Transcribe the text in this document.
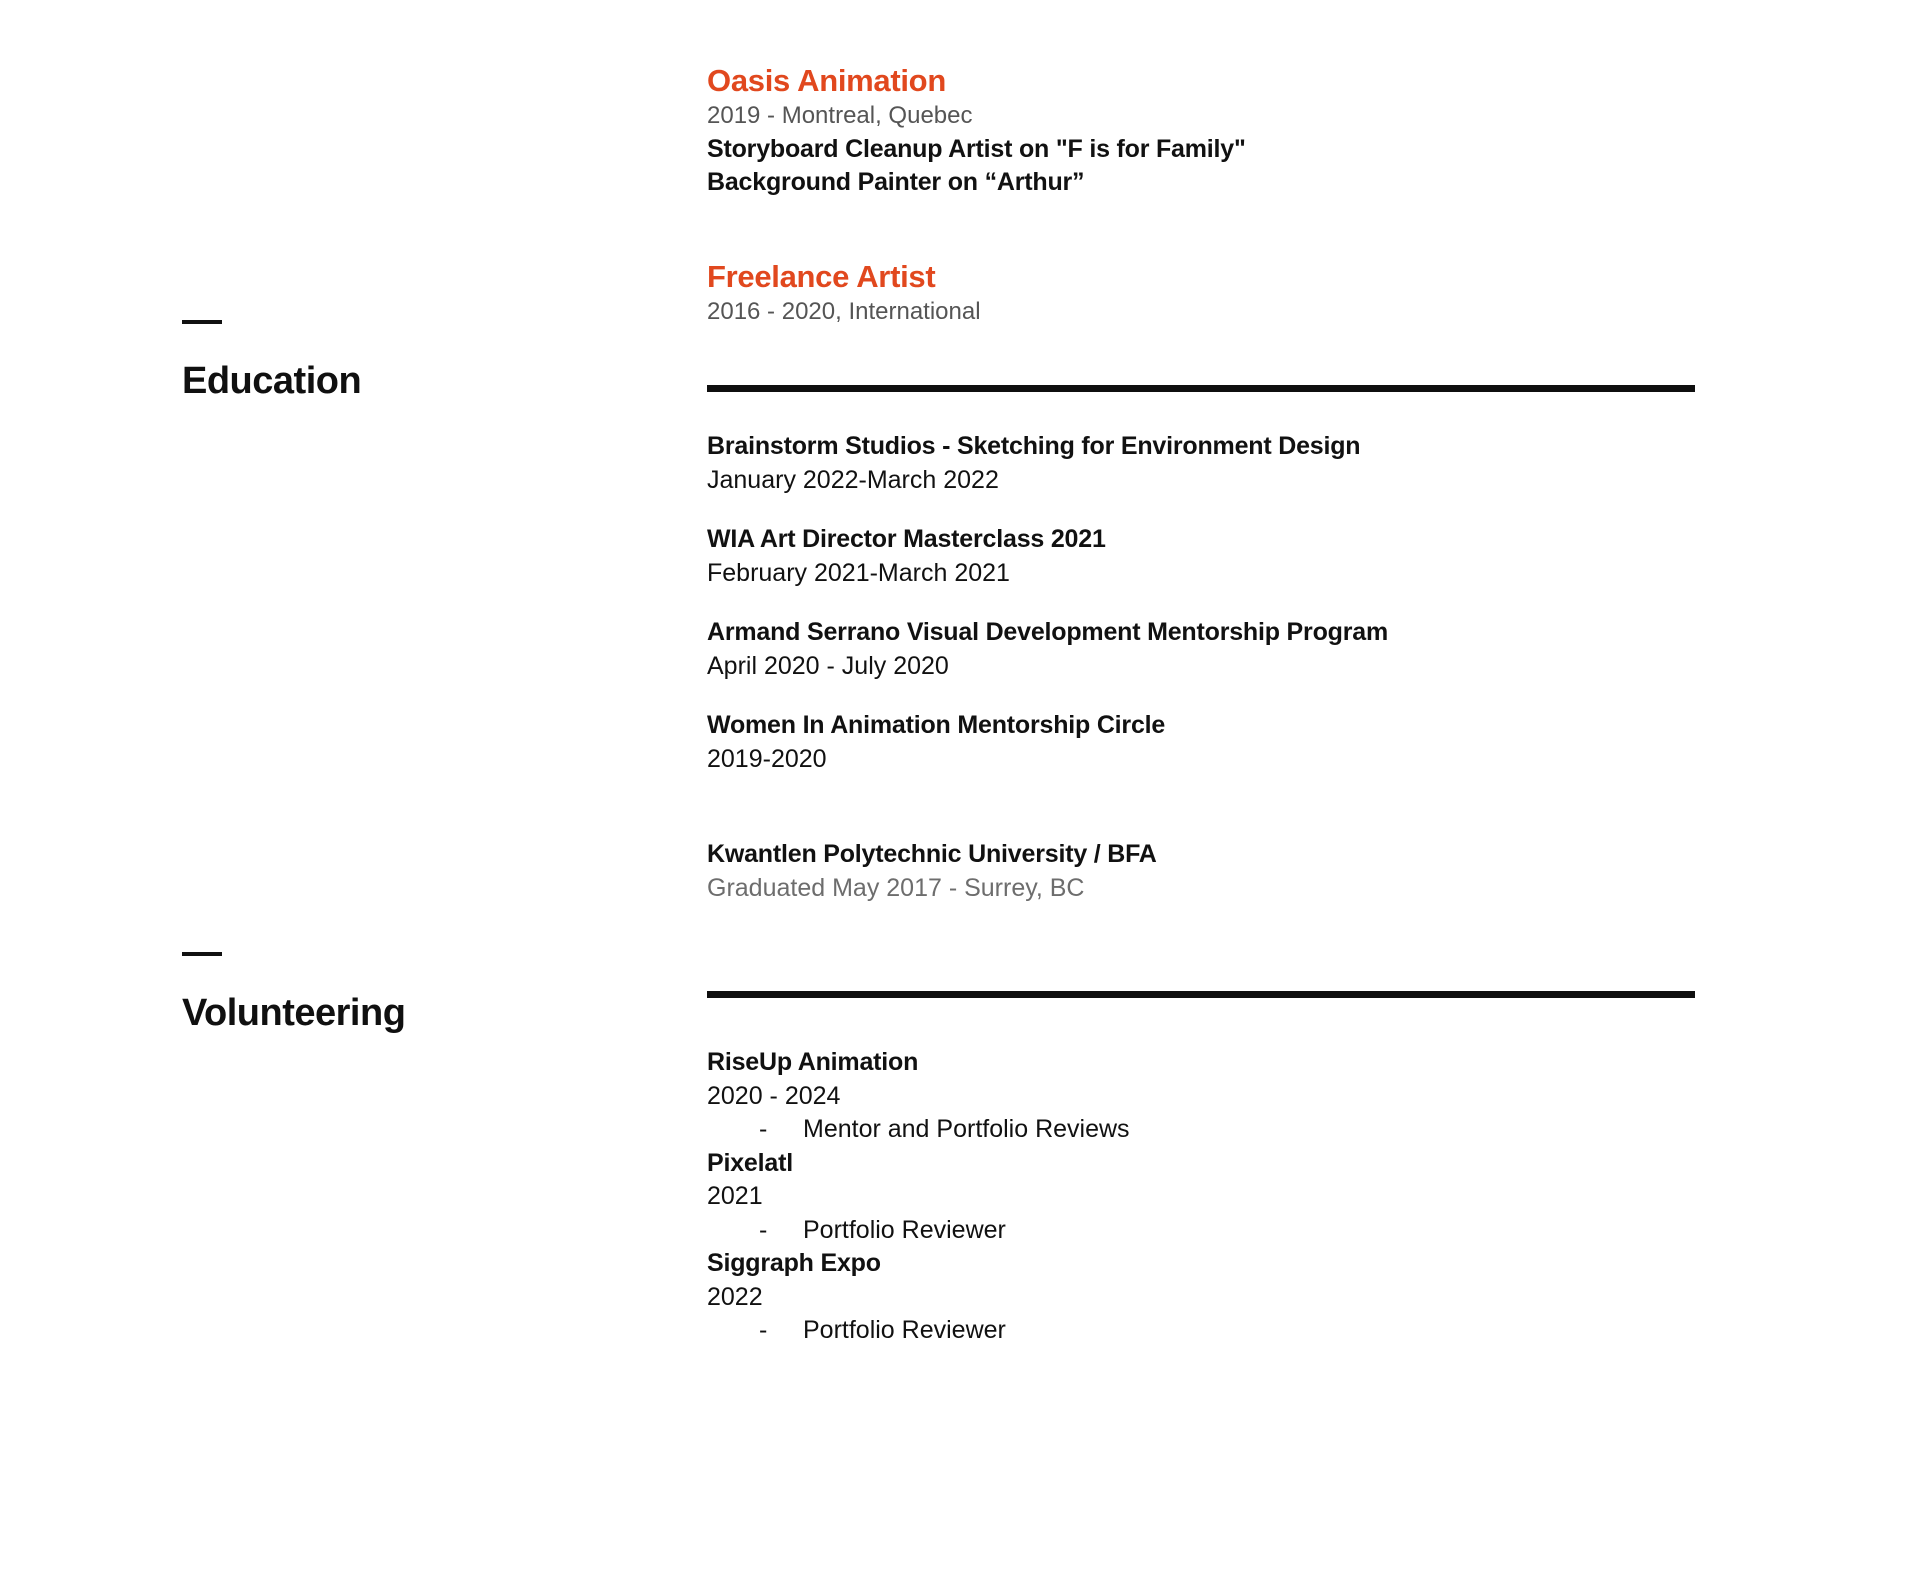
Education
Volunteering
Oasis Animation
2019 - Montreal, Quebec
Storyboard Cleanup Artist on "F is for Family"
Background Painter on “Arthur”
Freelance Artist
2016 - 2020, International
Brainstorm Studios - Sketching for Environment Design
January 2022-March 2022
WIA Art Director Masterclass 2021
February 2021-March 2021
Armand Serrano Visual Development Mentorship Program
April 2020 - July 2020
Women In Animation Mentorship Circle
2019-2020
Kwantlen Polytechnic University / BFA
Graduated May 2017 - Surrey, BC
RiseUp Animation
2020 - 2024
- Mentor and Portfolio Reviews
Pixelatl
2021
- Portfolio Reviewer
Siggraph Expo
2022
- Portfolio Reviewer
